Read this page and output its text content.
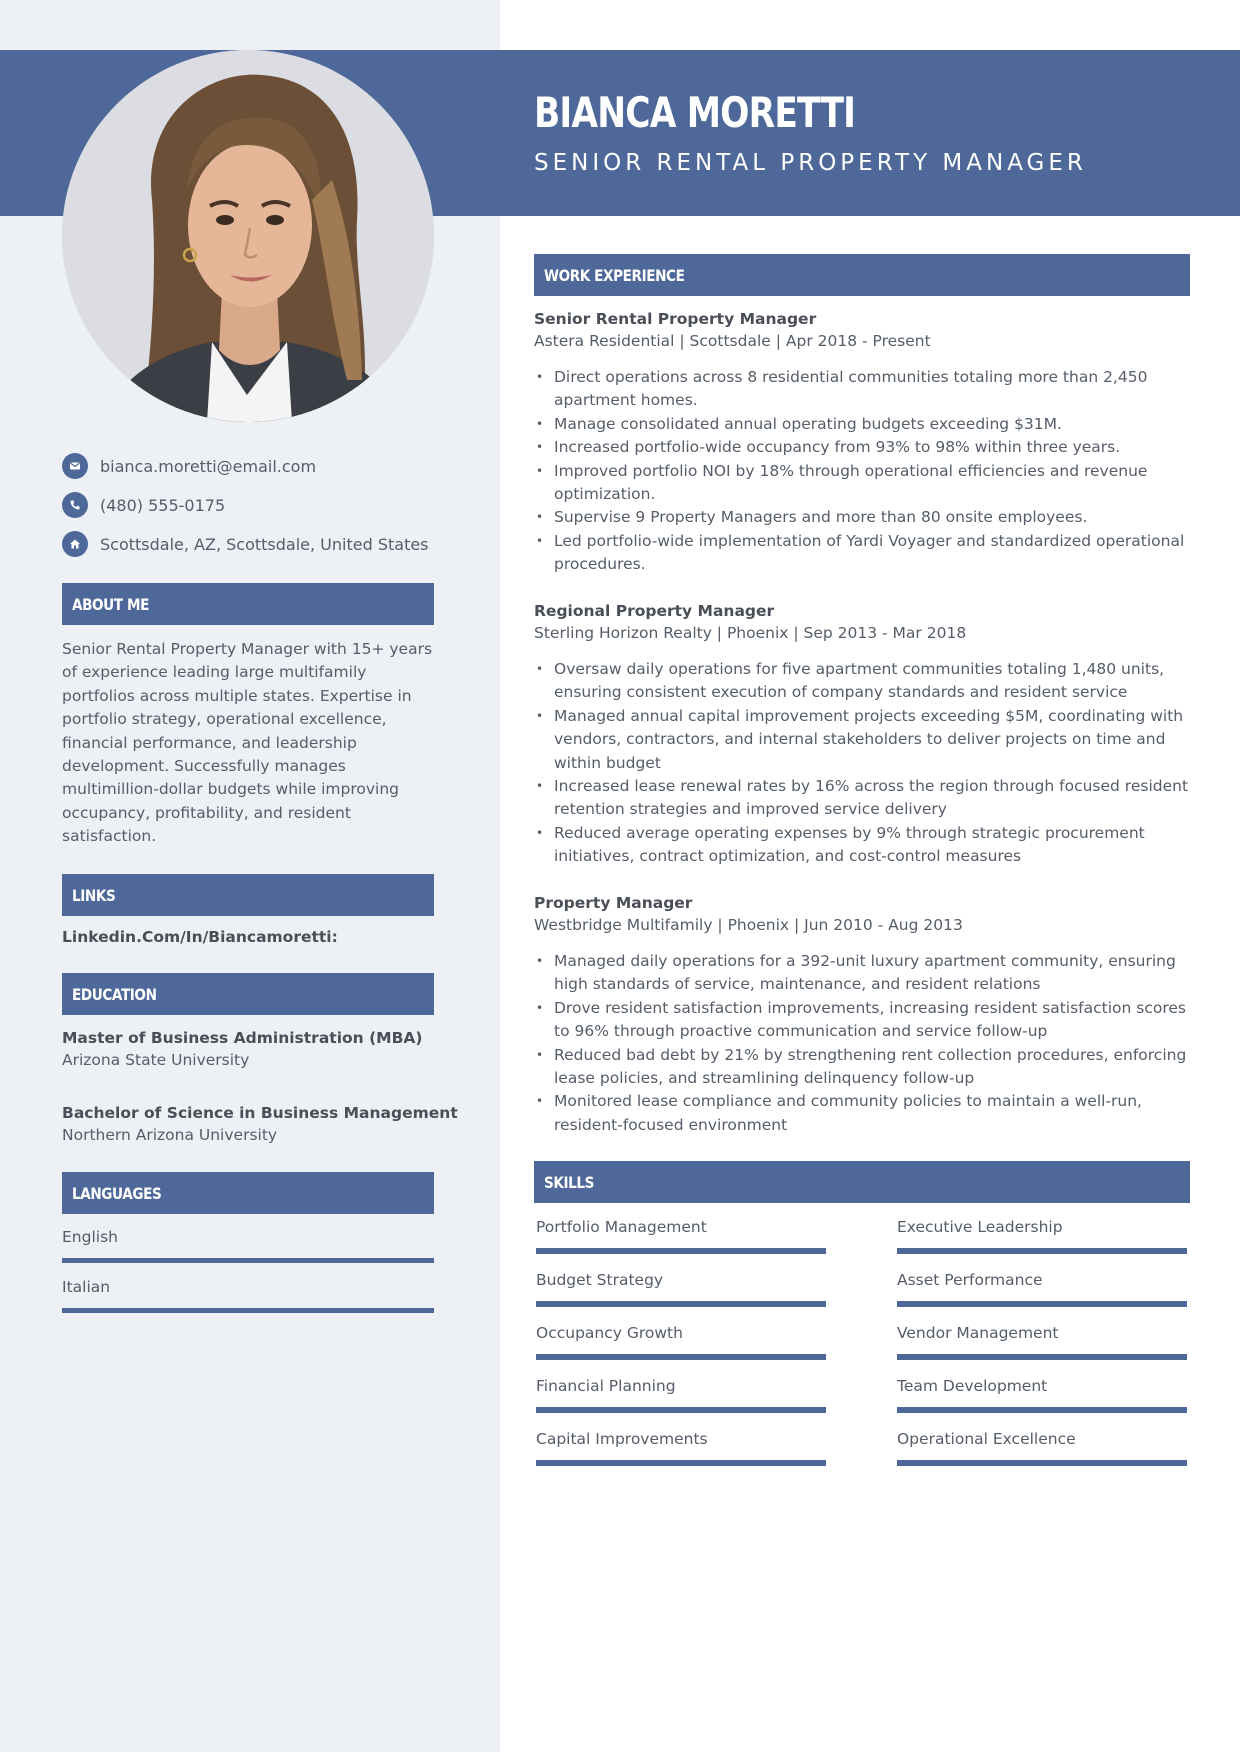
BIANCA MORETTI
SENIOR RENTAL PROPERTY MANAGER
bianca.moretti@email.com
(480) 555-0175
Scottsdale, AZ, Scottsdale, United States
ABOUT ME

Senior Rental Property Manager with 15+ years of experience leading large multifamily portfolios across multiple states. Expertise in portfolio strategy, operational excellence, financial performance, and leadership development. Successfully manages multimillion-dollar budgets while improving occupancy, profitability, and resident satisfaction.

LINKS
Linkedin.Com/In/Biancamoretti:
EDUCATION
Master of Business Administration (MBA)
Arizona State University
Bachelor of Science in Business Management
Northern Arizona University
LANGUAGES
English
Italian
WORK EXPERIENCE
Senior Rental Property Manager
Astera Residential | Scottsdale | Apr 2018 - Present
• Direct operations across 8 residential communities totaling more than 2,450 apartment homes.
• Manage consolidated annual operating budgets exceeding $31M.
• Increased portfolio-wide occupancy from 93% to 98% within three years.
• Improved portfolio NOI by 18% through operational efficiencies and revenue optimization.
• Supervise 9 Property Managers and more than 80 onsite employees.
• Led portfolio-wide implementation of Yardi Voyager and standardized operational procedures.
Regional Property Manager
Sterling Horizon Realty | Phoenix | Sep 2013 - Mar 2018
• Oversaw daily operations for five apartment communities totaling 1,480 units, ensuring consistent execution of company standards and resident service
• Managed annual capital improvement projects exceeding $5M, coordinating with vendors, contractors, and internal stakeholders to deliver projects on time and within budget
• Increased lease renewal rates by 16% across the region through focused resident retention strategies and improved service delivery
• Reduced average operating expenses by 9% through strategic procurement initiatives, contract optimization, and cost-control measures
Property Manager
Westbridge Multifamily | Phoenix | Jun 2010 - Aug 2013
• Managed daily operations for a 392-unit luxury apartment community, ensuring high standards of service, maintenance, and resident relations
• Drove resident satisfaction improvements, increasing resident satisfaction scores to 96% through proactive communication and service follow-up
• Reduced bad debt by 21% by strengthening rent collection procedures, enforcing lease policies, and streamlining delinquency follow-up
• Monitored lease compliance and community policies to maintain a well-run, resident-focused environment
SKILLS
Portfolio Management	Executive Leadership
Budget Strategy	Asset Performance
Occupancy Growth	Vendor Management
Financial Planning	Team Development
Capital Improvements	Operational Excellence
